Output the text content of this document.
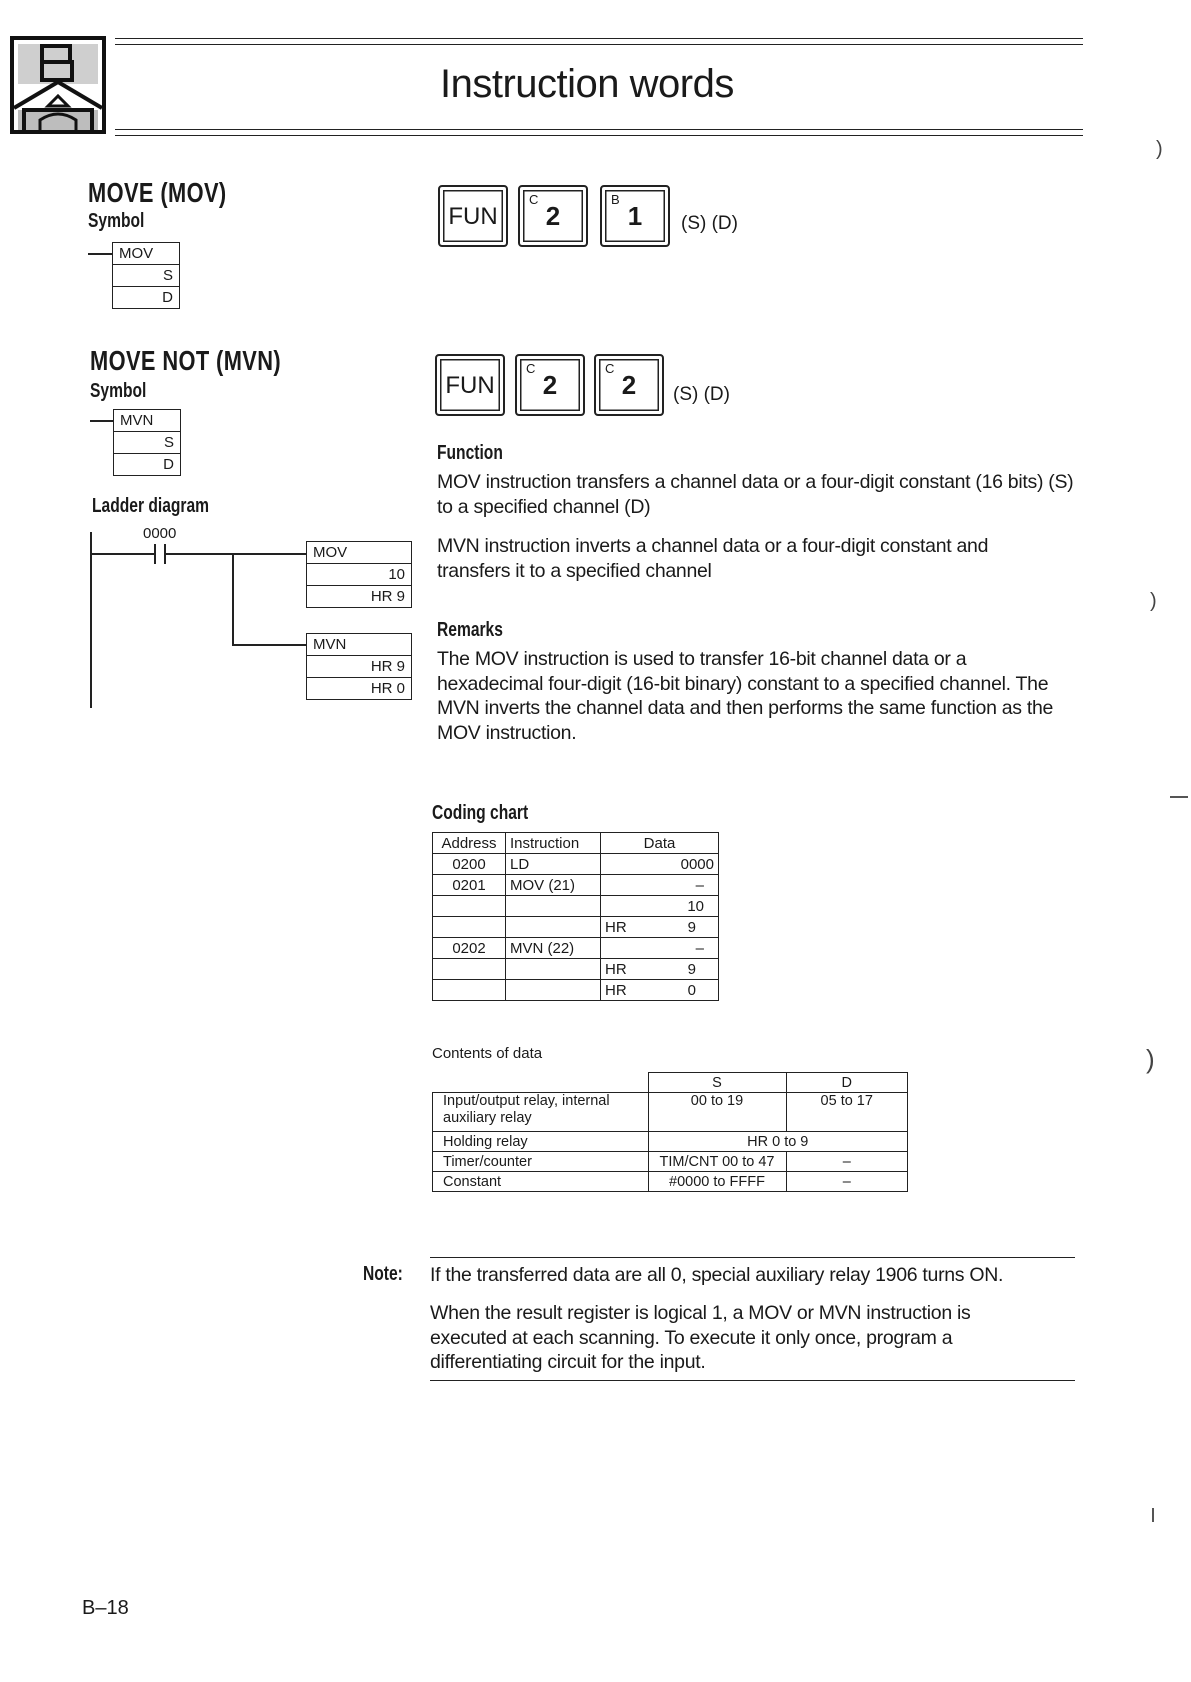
Instruction words
MOVE (MOV)
Symbol
MOV
S
D
FUN
C
2
B
1	(S) (D)
MOVE NOT (MVN)
Symbol
MVN
S
D
FUN
C
2
C
2	(S) (D)
Ladder diagram
0000
MOV
10
HR 9
MVN
HR 9
HR 0
Function
MOV instruction transfers a channel data or a four-digit constant (16 bits) (S) to a specified channel (D)
MVN instruction inverts a channel data or a four-digit constant and transfers it to a specified channel
Remarks
The MOV instruction is used to transfer 16-bit channel data or a hexadecimal four-digit (16-bit binary) constant to a specified channel. The MVN inverts the channel data and then performs the same function as the MOV instruction.
Coding chart
Address	Instruction	Data	
0200	LD	0000	
0201	MOV (21)	–	
		10	
		HR	9
0202	MVN (22)	–	
		HR	9
		HR	0
Contents of data
	S	D
Input/output relay, internal auxiliary relay	00 to 19	05 to 17
Holding relay	HR 0 to 9	
Timer/counter	TIM/CNT 00 to 47	–
Constant	#0000 to FFFF	–
Note: If the transferred data are all 0, special auxiliary relay 1906 turns ON.
When the result register is logical 1, a MOV or MVN instruction is executed at each scanning. To execute it only once, program a differentiating circuit for the input.
)
)
)
B–18
